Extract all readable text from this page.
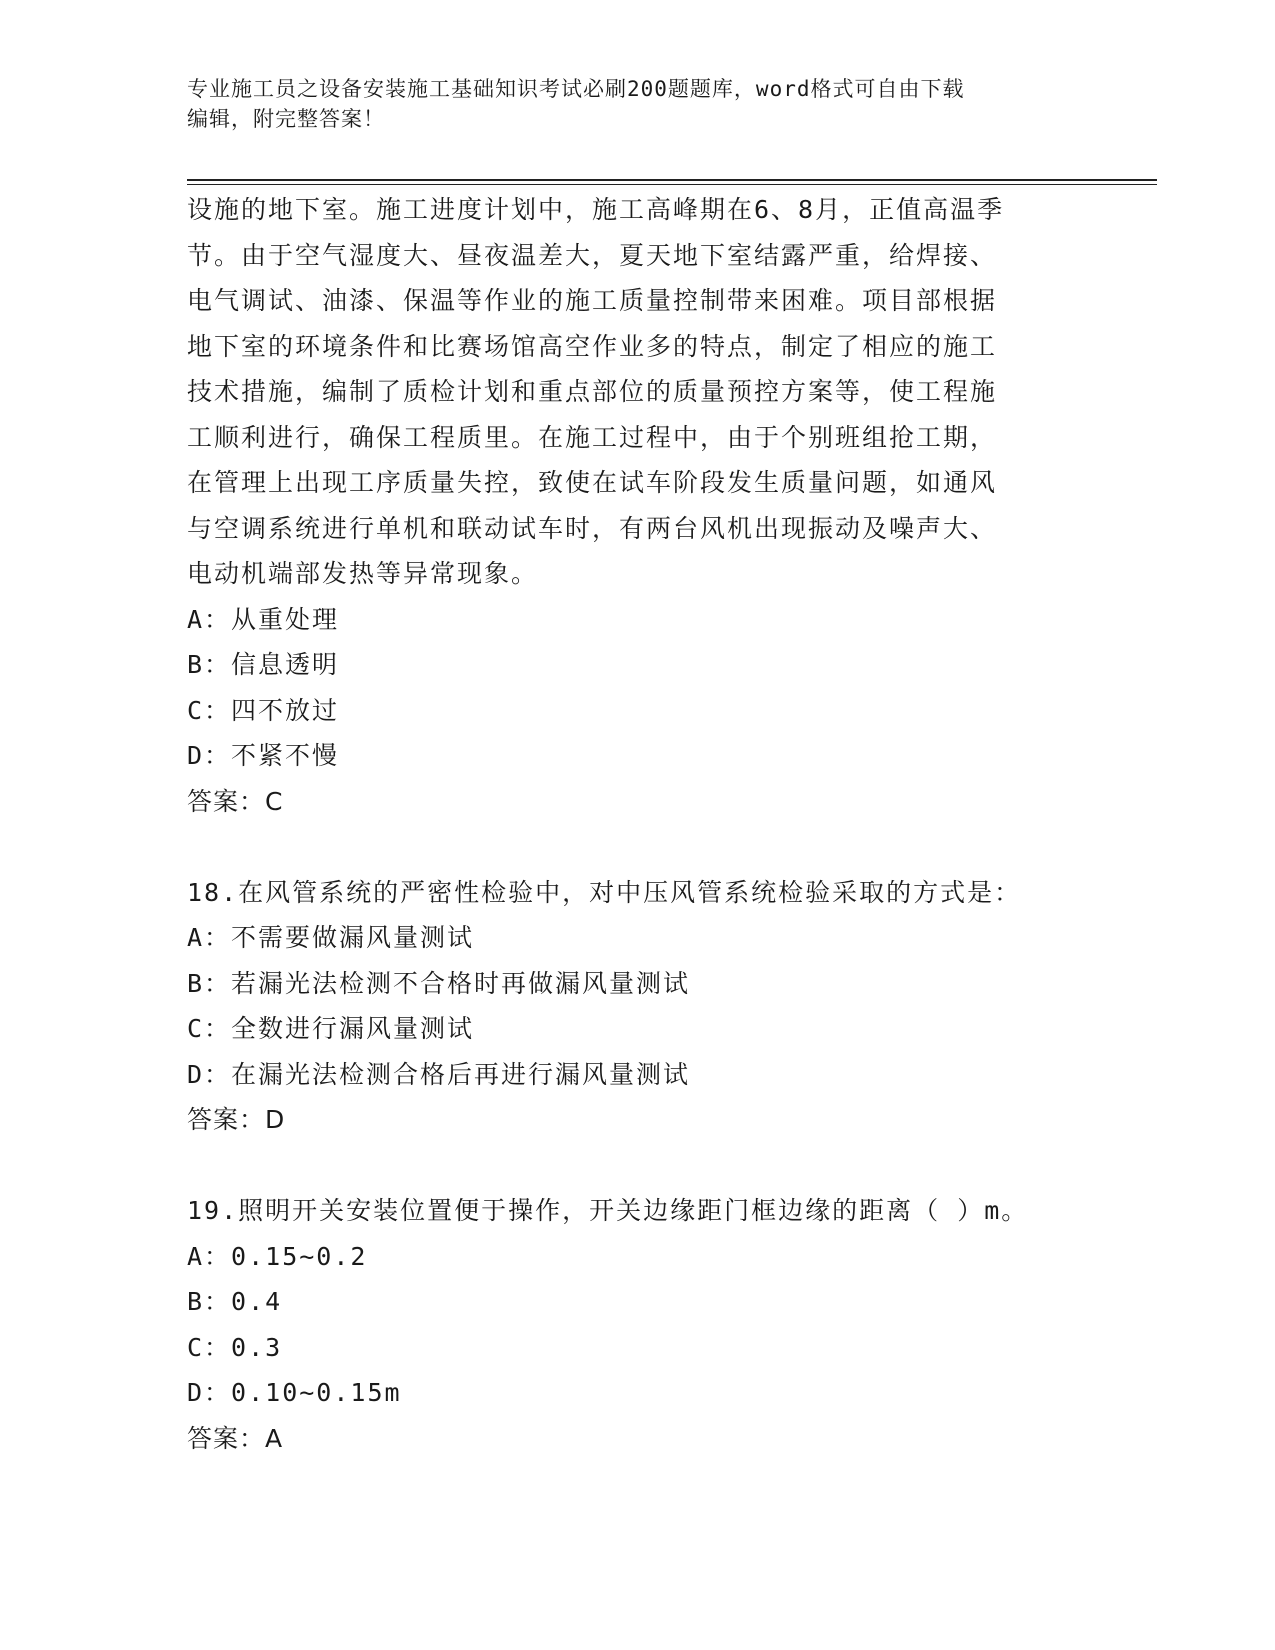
专业施工员之设备安装施工基础知识考试必刷200题题库，word格式可自由下载
编辑，附完整答案！
设施的地下室。施工进度计划中，施工高峰期在6、8月，正值高温季
节。由于空气湿度大、昼夜温差大，夏天地下室结露严重，给焊接、
电气调试、油漆、保温等作业的施工质量控制带来困难。项目部根据
地下室的环境条件和比赛场馆高空作业多的特点，制定了相应的施工
技术措施，编制了质检计划和重点部位的质量预控方案等，使工程施
工顺利进行，确保工程质里。在施工过程中，由于个别班组抢工期，
在管理上出现工序质量失控，致使在试车阶段发生质量问题，如通风
与空调系统进行单机和联动试车时，有两台风机出现振动及噪声大、
电动机端部发热等异常现象。
A：从重处理
B：信息透明
C：四不放过
D：不紧不慢
答案：C
18.在风管系统的严密性检验中，对中压风管系统检验采取的方式是：
A：不需要做漏风量测试
B：若漏光法检测不合格时再做漏风量测试
C：全数进行漏风量测试
D：在漏光法检测合格后再进行漏风量测试
答案：D
19.照明开关安装位置便于操作，开关边缘距门框边缘的距离（ ）m。
A：0.15~0.2
B：0.4
C：0.3
D：0.10~0.15m
答案：A
